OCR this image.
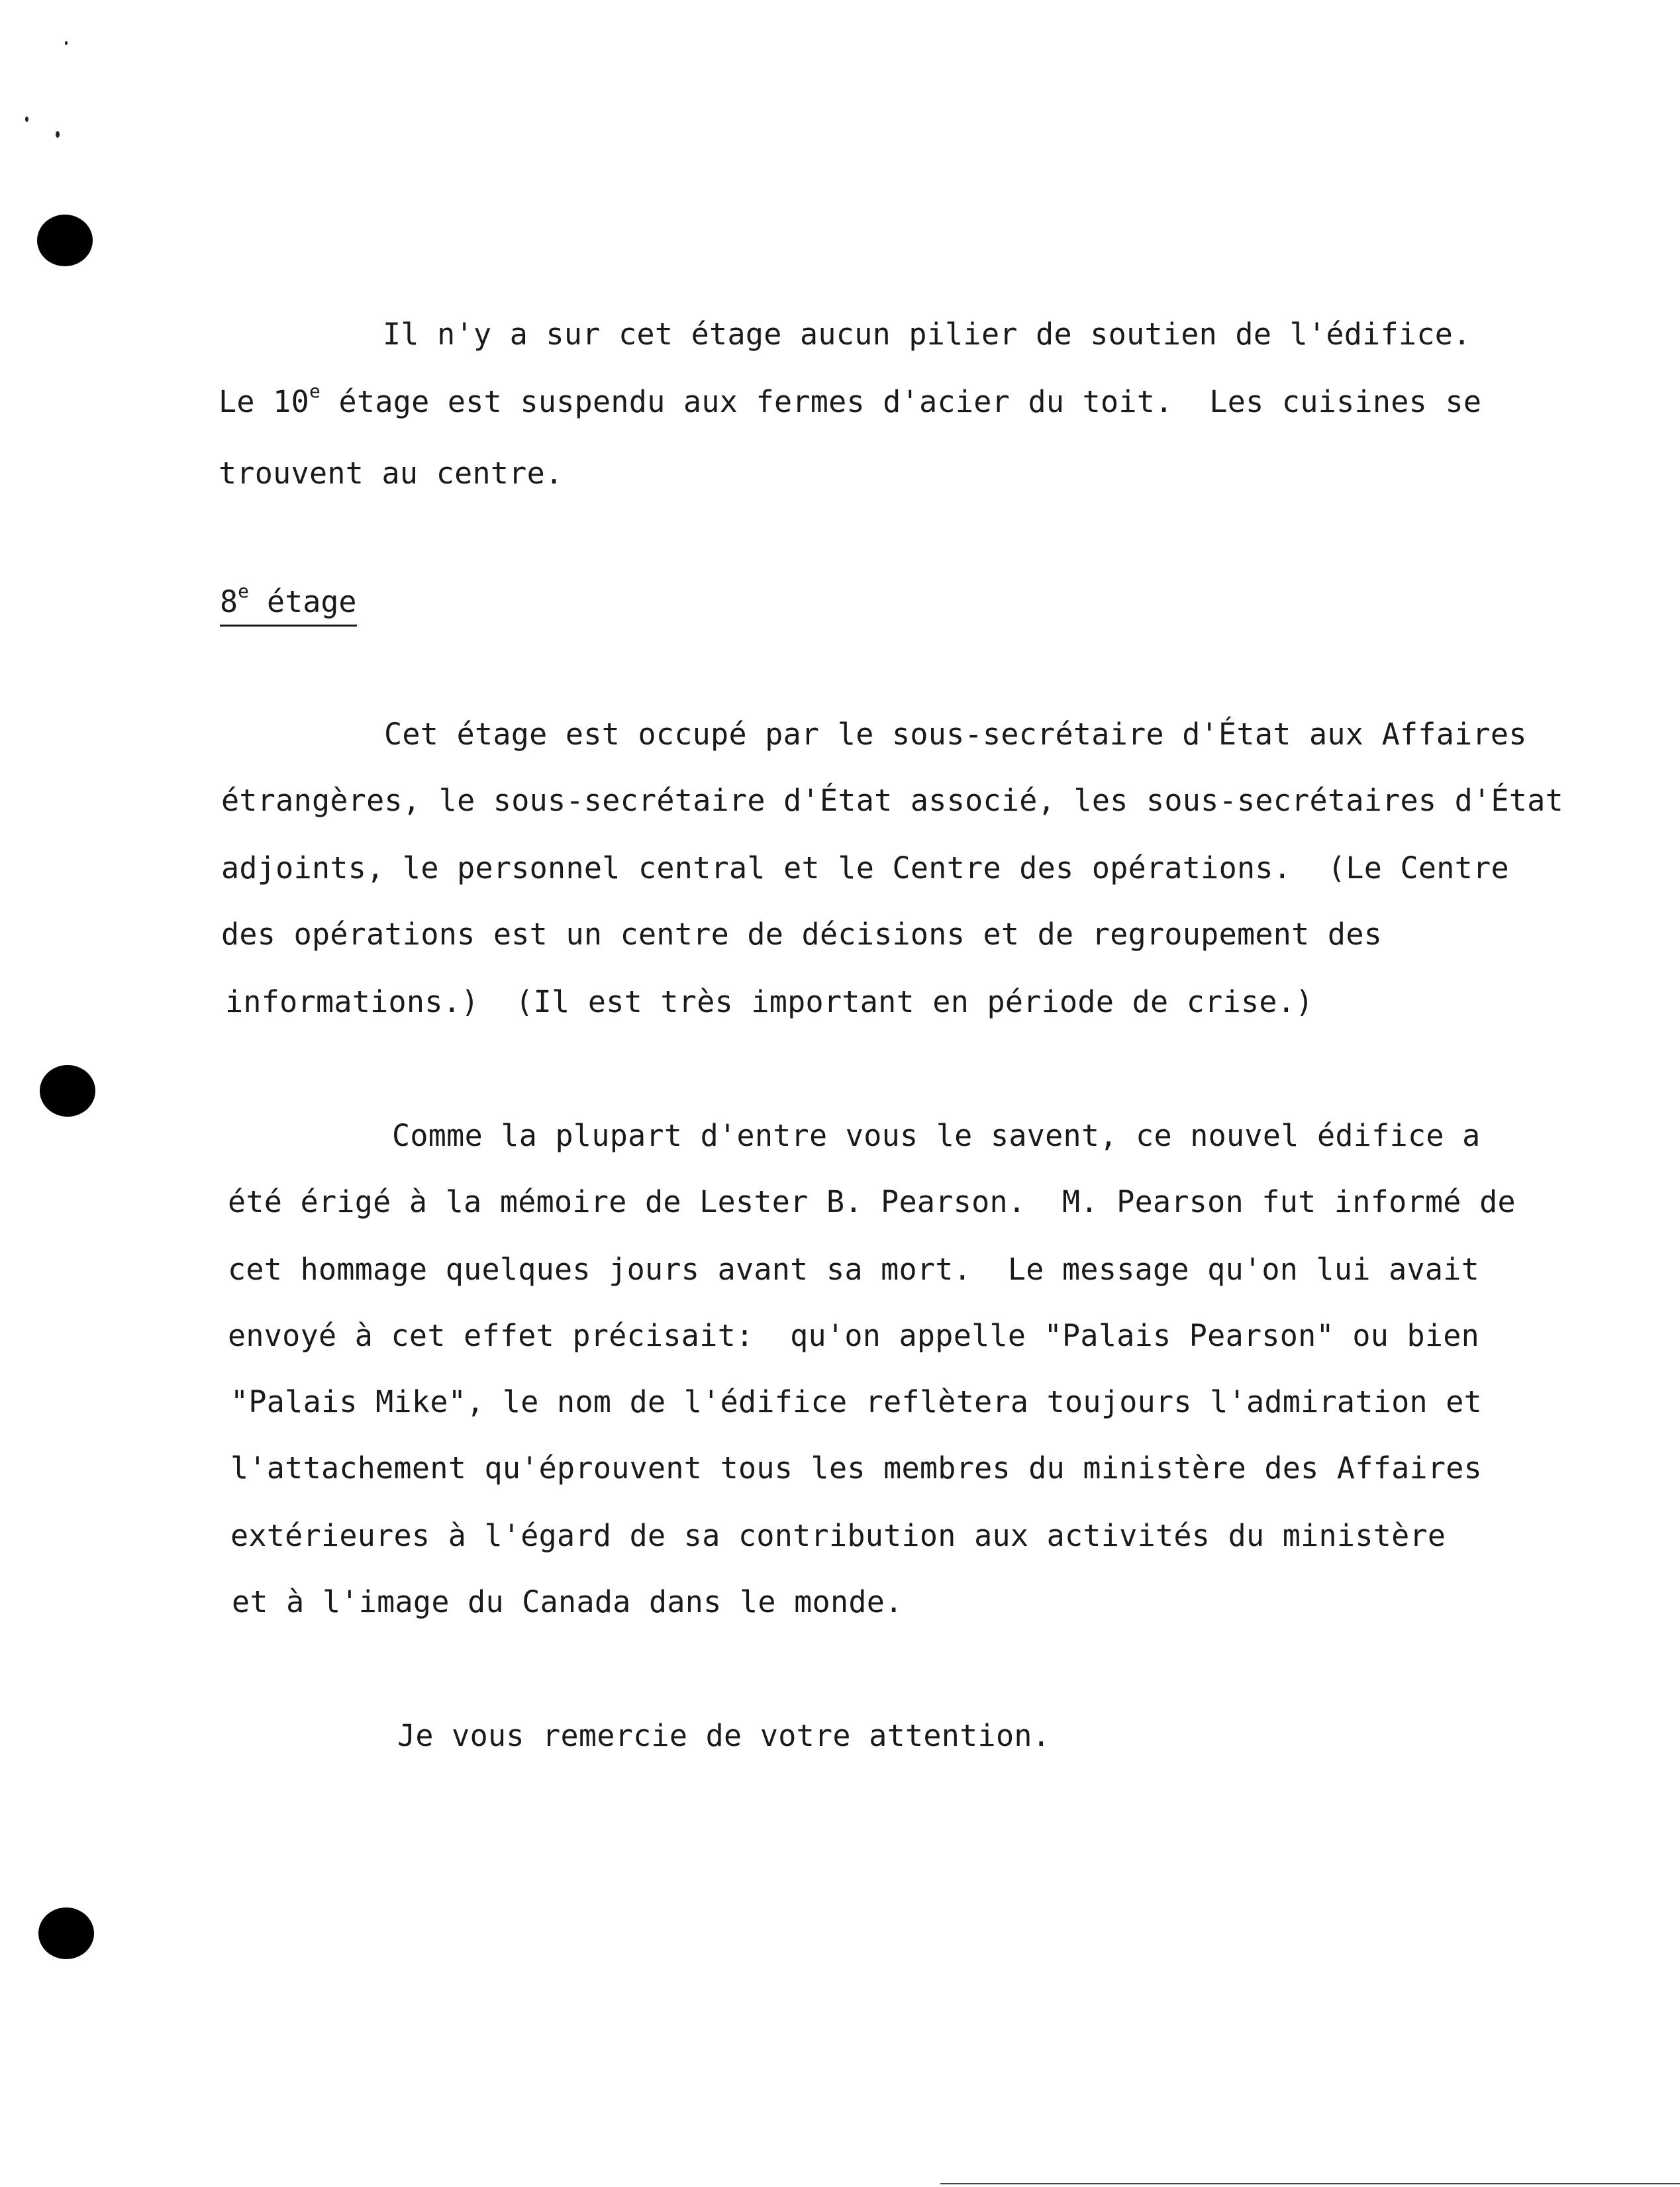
Il n'y a sur cet étage aucun pilier de soutien de l'édifice.
Le 10e étage est suspendu aux fermes d'acier du toit.  Les cuisines se
trouvent au centre.
8e étage
Cet étage est occupé par le sous-secrétaire d'État aux Affaires
étrangères, le sous-secrétaire d'État associé, les sous-secrétaires d'État
adjoints, le personnel central et le Centre des opérations.  (Le Centre
des opérations est un centre de décisions et de regroupement des
informations.)  (Il est très important en période de crise.)
Comme la plupart d'entre vous le savent, ce nouvel édifice a
été érigé à la mémoire de Lester B. Pearson.  M. Pearson fut informé de
cet hommage quelques jours avant sa mort.  Le message qu'on lui avait
envoyé à cet effet précisait:  qu'on appelle "Palais Pearson" ou bien
"Palais Mike", le nom de l'édifice reflètera toujours l'admiration et
l'attachement qu'éprouvent tous les membres du ministère des Affaires
extérieures à l'égard de sa contribution aux activités du ministère
et à l'image du Canada dans le monde.
Je vous remercie de votre attention.
